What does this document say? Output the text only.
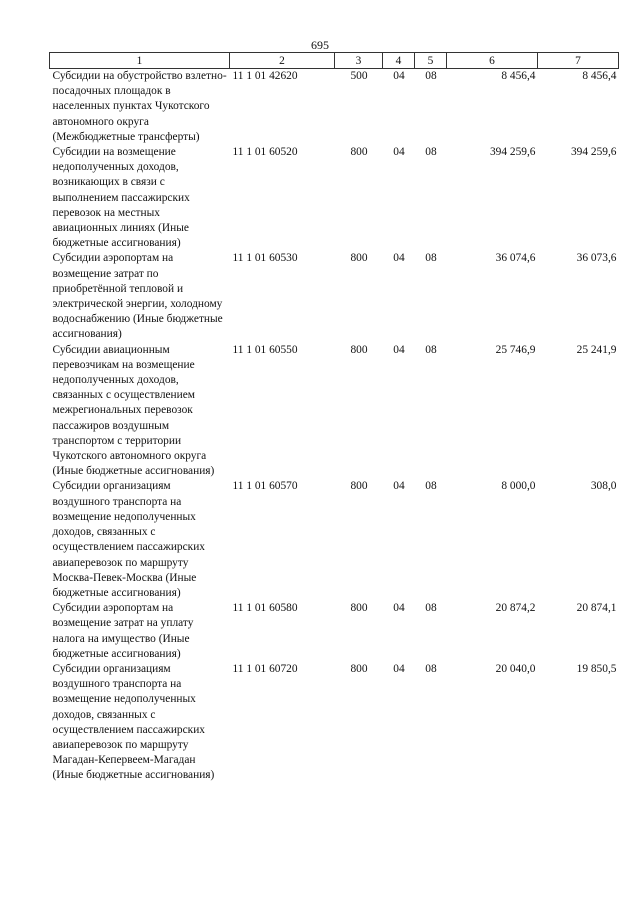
695
1	2	3	4	5	6	7
Субсидии на обустройство взлетно-посадочных площадок в населенных пунктах Чукотского автономного округа (Межбюджетные трансферты)	11 1 01 42620	500	04	08	8 456,4	8 456,4
Субсидии на возмещение недополученных доходов, возникающих в связи с выполнением пассажирских перевозок на местных авиационных линиях (Иные бюджетные ассигнования)	11 1 01 60520	800	04	08	394 259,6	394 259,6
Субсидии аэропортам на возмещение затрат по приобретённой тепловой и электрической энергии, холодному водоснабжению (Иные бюджетные ассигнования)	11 1 01 60530	800	04	08	36 074,6	36 073,6
Субсидии авиационным перевозчикам на возмещение недополученных доходов, связанных с осуществлением межрегиональных перевозок пассажиров воздушным транспортом с территории Чукотского автономного округа (Иные бюджетные ассигнования)	11 1 01 60550	800	04	08	25 746,9	25 241,9
Субсидии организациям воздушного транспорта на возмещение недополученных доходов, связанных с осуществлением пассажирских авиаперевозок по маршруту Москва-Певек-Москва (Иные бюджетные ассигнования)	11 1 01 60570	800	04	08	8 000,0	308,0
Субсидии аэропортам на возмещение затрат на уплату налога на имущество (Иные бюджетные ассигнования)	11 1 01 60580	800	04	08	20 874,2	20 874,1
Субсидии организациям воздушного транспорта на возмещение недополученных доходов, связанных с осуществлением пассажирских авиаперевозок по маршруту Магадан-Кепервеем-Магадан (Иные бюджетные ассигнования)	11 1 01 60720	800	04	08	20 040,0	19 850,5
